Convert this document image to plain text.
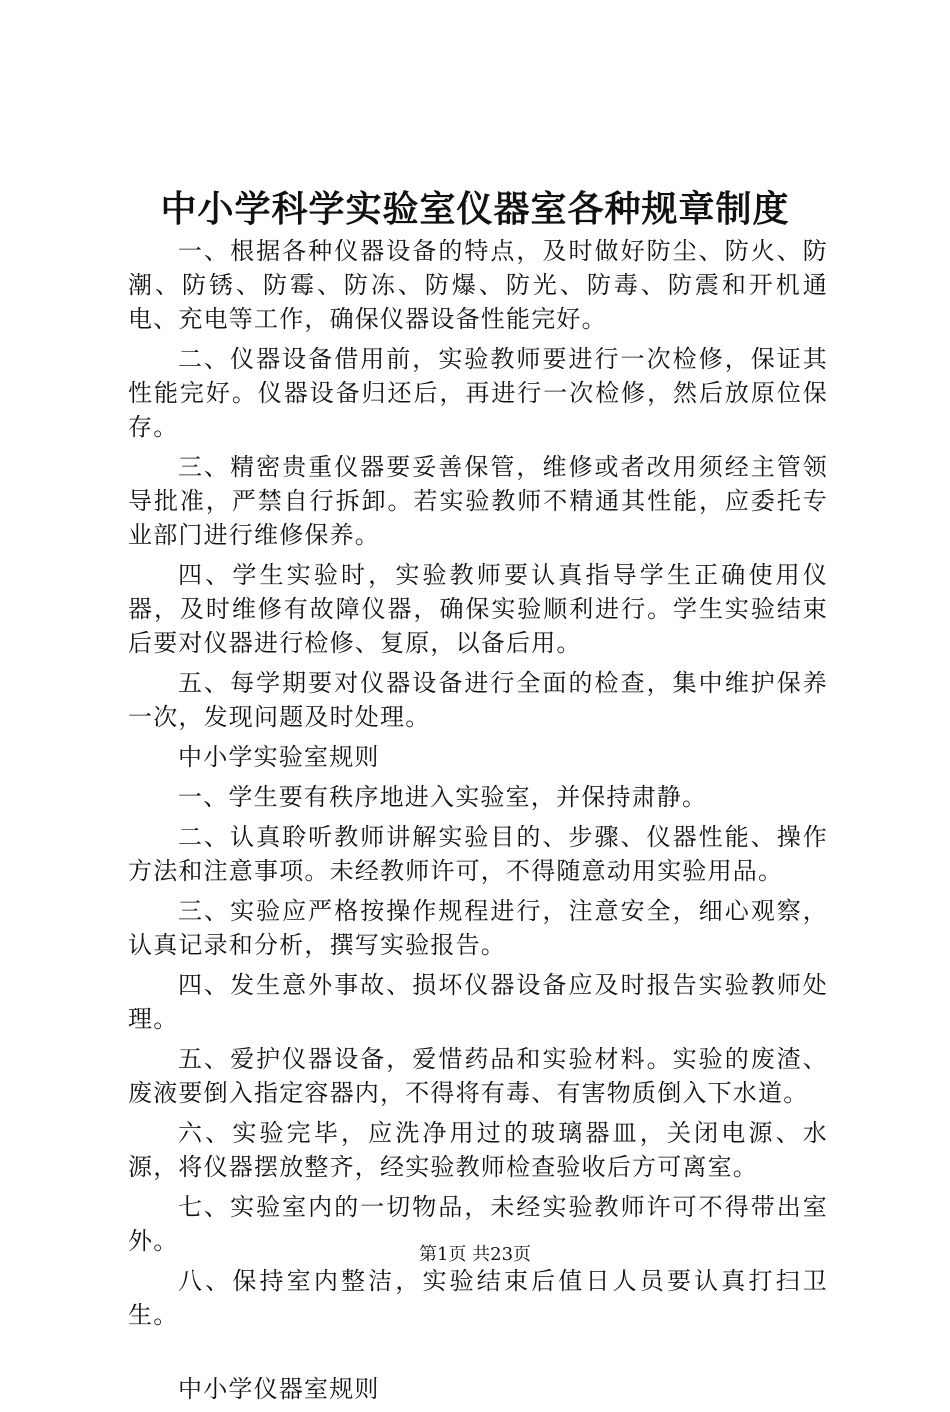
中小学科学实验室仪器室各种规章制度

一、根据各种仪器设备的特点，及时做好防尘、防火、防潮、防锈、防霉、防冻、防爆、防光、防毒、防震和开机通电、充电等工作，确保仪器设备性能完好。

二、仪器设备借用前，实验教师要进行一次检修，保证其性能完好。仪器设备归还后，再进行一次检修，然后放原位保存。

三、精密贵重仪器要妥善保管，维修或者改用须经主管领导批准，严禁自行拆卸。若实验教师不精通其性能，应委托专业部门进行维修保养。

四、学生实验时，实验教师要认真指导学生正确使用仪器，及时维修有故障仪器，确保实验顺利进行。学生实验结束后要对仪器进行检修、复原，以备后用。

五、每学期要对仪器设备进行全面的检查，集中维护保养一次，发现问题及时处理。

中小学实验室规则

一、学生要有秩序地进入实验室，并保持肃静。

二、认真聆听教师讲解实验目的、步骤、仪器性能、操作方法和注意事项。未经教师许可，不得随意动用实验用品。

三、实验应严格按操作规程进行，注意安全，细心观察，认真记录和分析，撰写实验报告。

四、发生意外事故、损坏仪器设备应及时报告实验教师处理。

五、爱护仪器设备，爱惜药品和实验材料。实验的废渣、废液要倒入指定容器内，不得将有毒、有害物质倒入下水道。

六、实验完毕，应洗净用过的玻璃器皿，关闭电源、水源，将仪器摆放整齐，经实验教师检查验收后方可离室。

七、实验室内的一切物品，未经实验教师许可不得带出室外。

八、保持室内整洁，实验结束后值日人员要认真打扫卫生。

中小学仪器室规则

第1页 共23页
